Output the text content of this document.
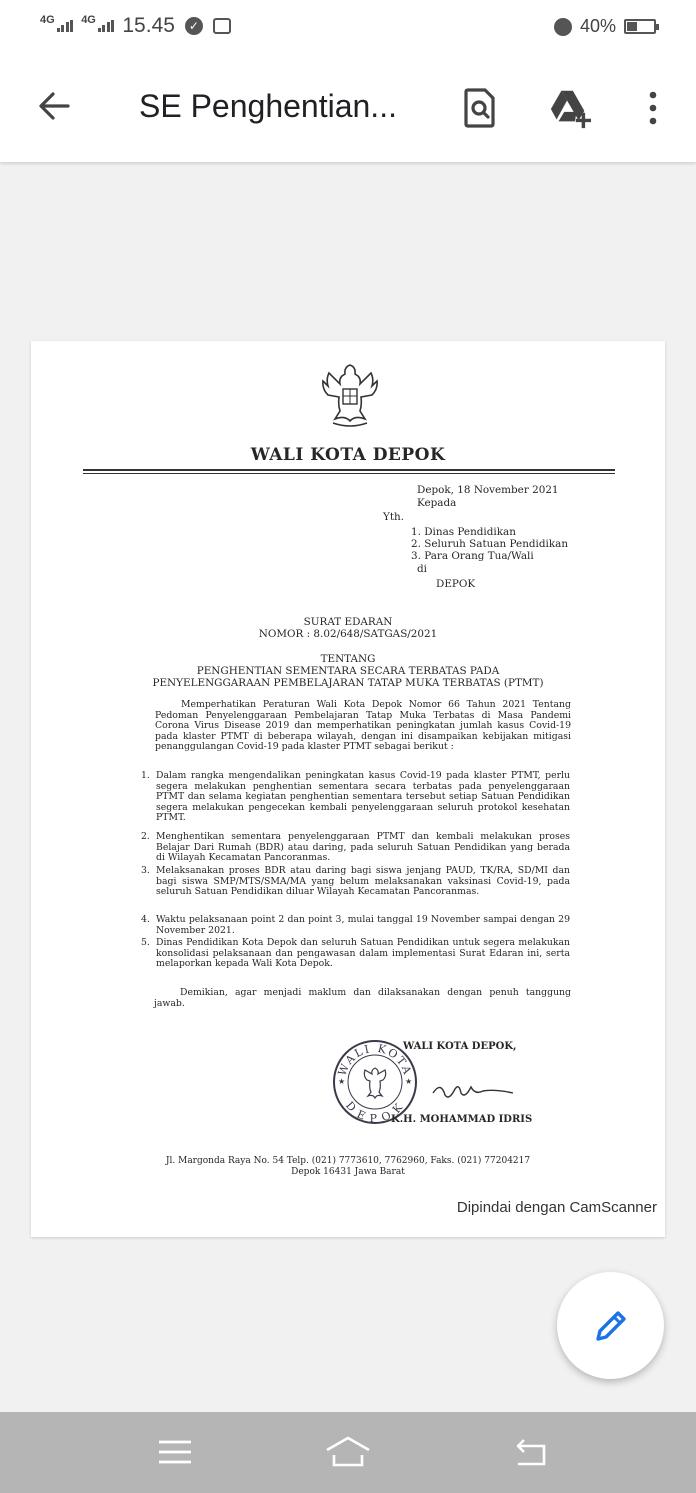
4G 4G 15.45	✓	40%
SE Penghentian...
WALI KOTA DEPOK
Depok, 18 November 2021
Kepada
Yth.
1. Dinas Pendidikan
2. Seluruh Satuan Pendidikan
3. Para Orang Tua/Wali
di
DEPOK
SURAT EDARAN
NOMOR : 8.02/648/SATGAS/2021
TENTANG
PENGHENTIAN SEMENTARA SECARA TERBATAS PADA
PENYELENGGARAAN PEMBELAJARAN TATAP MUKA TERBATAS (PTMT)
Memperhatikan Peraturan Wali Kota Depok Nomor 66 Tahun 2021 Tentang Pedoman Penyelenggaraan Pembelajaran Tatap Muka Terbatas di Masa Pandemi Corona Virus Disease 2019 dan memperhatikan peningkatan jumlah kasus Covid-19 pada klaster PTMT di beberapa wilayah, dengan ini disampaikan kebijakan mitigasi penanggulangan Covid-19 pada klaster PTMT sebagai berikut :
1. Dalam rangka mengendalikan peningkatan kasus Covid-19 pada klaster PTMT, perlu segera melakukan penghentian sementara secara terbatas pada penyelenggaraan PTMT dan selama kegiatan penghentian sementara tersebut setiap Satuan Pendidikan segera melakukan pengecekan kembali penyelenggaraan seluruh protokol kesehatan PTMT.
2. Menghentikan sementara penyelenggaraan PTMT dan kembali melakukan proses Belajar Dari Rumah (BDR) atau daring, pada seluruh Satuan Pendidikan yang berada di Wilayah Kecamatan Pancoranmas.
3. Melaksanakan proses BDR atau daring bagi siswa jenjang PAUD, TK/RA, SD/MI dan bagi siswa SMP/MTS/SMA/MA yang belum melaksanakan vaksinasi Covid-19, pada seluruh Satuan Pendidikan diluar Wilayah Kecamatan Pancoranmas.
4. Waktu pelaksanaan point 2 dan point 3, mulai tanggal 19 November sampai dengan 29 November 2021.
5. Dinas Pendidikan Kota Depok dan seluruh Satuan Pendidikan untuk segera melakukan konsolidasi pelaksanaan dan pengawasan dalam implementasi Surat Edaran ini, serta melaporkan kepada Wali Kota Depok.
Demikian, agar menjadi maklum dan dilaksanakan dengan penuh tanggung jawab.
WALI KOTA
DEPOK
★	★
WALI KOTA DEPOK,
K.H. MOHAMMAD IDRIS
Jl. Margonda Raya No. 54 Telp. (021) 7773610, 7762960, Faks. (021) 77204217
Depok 16431 Jawa Barat
Dipindai dengan CamScanner
